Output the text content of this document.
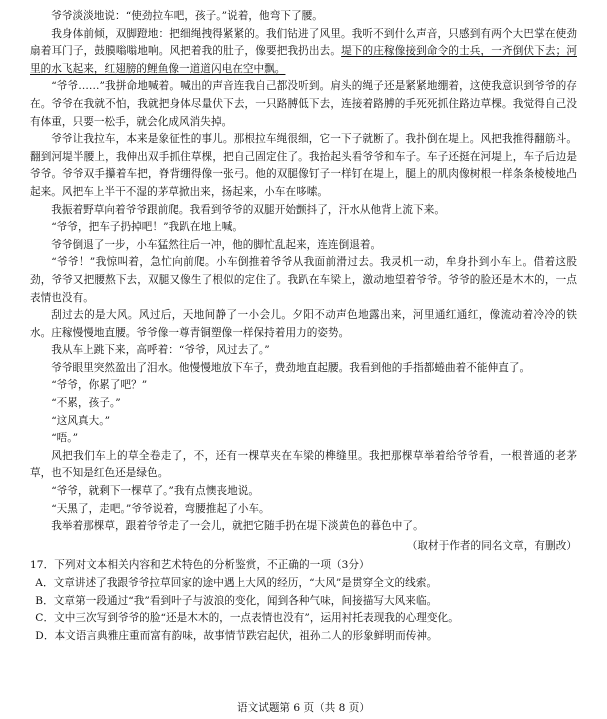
爷爷淡淡地说：“使劲拉车吧，孩子。”说着，他弯下了腰。

我身体前倾，双脚蹬地：把细绳拽得紧紧的。我们钻进了风里。我听不到什么声音，只感到有两个大巴掌在使劲扇着耳门子，鼓膜嗡嗡地响。风把着我的肚子，像要把我扔出去。堤下的庄稼像接到命令的士兵，一齐倒伏下去；河里的水飞起来，红翅膀的鲤鱼像一道道闪电在空中飘。

“爷爷……”我拼命地喊着。喊出的声音连我自己都没听到。肩头的绳子还是紧紧地绷着，这使我意识到爷爷的存在。爷爷在我就不怕，我就把身体尽量伏下去，一只路膊低下去，连接着路膊的手死死抓住路边草棵。我觉得自己没有体重，只要一松手，就会化成风消失掉。

爷爷让我拉车，本来是象征性的事儿。那根拉车绳很细，它一下子就断了。我扑倒在堤上。风把我推得翻筋斗。翻到河堤半腰上，我伸出双手抓住草棵，把自己固定住了。我抬起头看爷爷和车子。车子还挺在河堤上，车子后边是爷爷。爷爷双手攥着车把，脊背绷得像一张弓。他的双腿像钉子一样钉在堤上，腿上的肌肉像树根一样条条棱棱地凸起来。风把车上半干不湿的茅草掀出来，扬起来，小车在哆嗦。

我振着野草向着爷爷跟前爬。我看到爷爷的双腿开始颤抖了，汗水从他背上流下来。

“爷爷，把车子扔掉吧！”我趴在地上喊。

爷爷倒退了一步，小车猛然往后一冲，他的脚忙乱起来，连连倒退着。

“爷爷！”我惊叫着，急忙向前爬。小车倒推着爷爷从我面前滑过去。我灵机一动，牟身扑到小车上。借着这股劲，爷爷又把腰熬下去，双腿又像生了根似的定住了。我趴在车梁上，激动地望着爷爷。爷爷的脸还是木木的，一点表情也没有。

刮过去的是大风。风过后，天地间静了一小会儿。夕阳不动声色地露出来，河里通红通红，像流动着冷冷的铁水。庄稼慢慢地直腰。爷爷像一尊青铜塑像一样保持着用力的姿势。

我从车上跳下来，高呼着：“爷爷，风过去了。”

爷爷眼里突然盈出了泪水。他慢慢地放下车子，费劲地直起腰。我看到他的手指都蜷曲着不能伸直了。

“爷爷，你累了吧？”

“不累，孩子。”

“这风真大。”

“唔。”

风把我们车上的草全卷走了，不，还有一棵草夹在车梁的榫缝里。我把那棵草举着给爷爷看，一根普通的老茅草，也不知是红色还是绿色。

“爷爷，就剩下一棵草了。”我有点懊丧地说。

“天黑了，走吧。”爷爷说着，弯腰推起了小车。

我举着那棵草，跟着爷爷走了一会儿，就把它随手扔在堤下淡黄色的暮色中了。

（取材于作者的同名文章，有删改）

17．下列对文本相关内容和艺术特色的分析鉴赏，不正确的一项（3分）

A．文章讲述了我跟爷爷拉草回家的途中遇上大风的经历，“大风”是贯穿全文的线索。

B．文章第一段通过“我”看到叶子与波浪的变化，闻到各种气味，间接描写大风来临。

C．文中三次写到爷爷的脸“还是木木的，一点表情也没有”，运用衬托表现我的心理变化。

D．本文语言典雅庄重而富有韵味，故事情节跌宕起伏，祖孙二人的形象鲜明而传神。

语文试题第 6 页（共 8 页）
